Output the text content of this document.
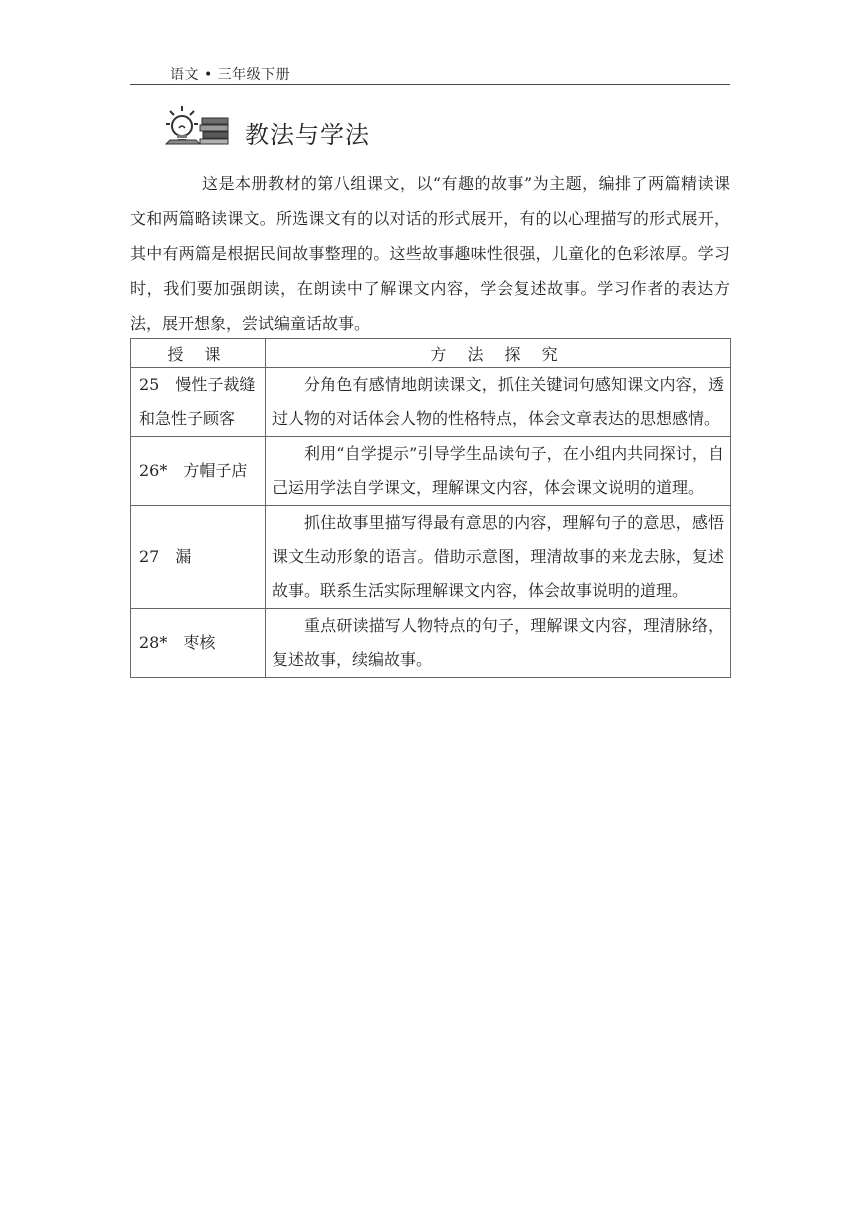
语文 • 三年级下册
教法与学法

这是本册教材的第八组课文，以“有趣的故事”为主题，编排了两篇精读课文和两篇略读课文。所选课文有的以对话的形式展开，有的以心理描写的形式展开，其中有两篇是根据民间故事整理的。这些故事趣味性很强，儿童化的色彩浓厚。学习时，我们要加强朗读，在朗读中了解课文内容，学会复述故事。学习作者的表达方法，展开想象，尝试编童话故事。

授 课	方 法 探 究
25　慢性子裁缝和急性子顾客	分角色有感情地朗读课文，抓住关键词句感知课文内容，透过人物的对话体会人物的性格特点，体会文章表达的思想感情。
26*　方帽子店	利用“自学提示”引导学生品读句子，在小组内共同探讨，自己运用学法自学课文，理解课文内容，体会课文说明的道理。
27　漏	抓住故事里描写得最有意思的内容，理解句子的意思，感悟课文生动形象的语言。借助示意图，理清故事的来龙去脉，复述故事。联系生活实际理解课文内容，体会故事说明的道理。
28*　枣核	重点研读描写人物特点的句子，理解课文内容，理清脉络，复述故事，续编故事。
